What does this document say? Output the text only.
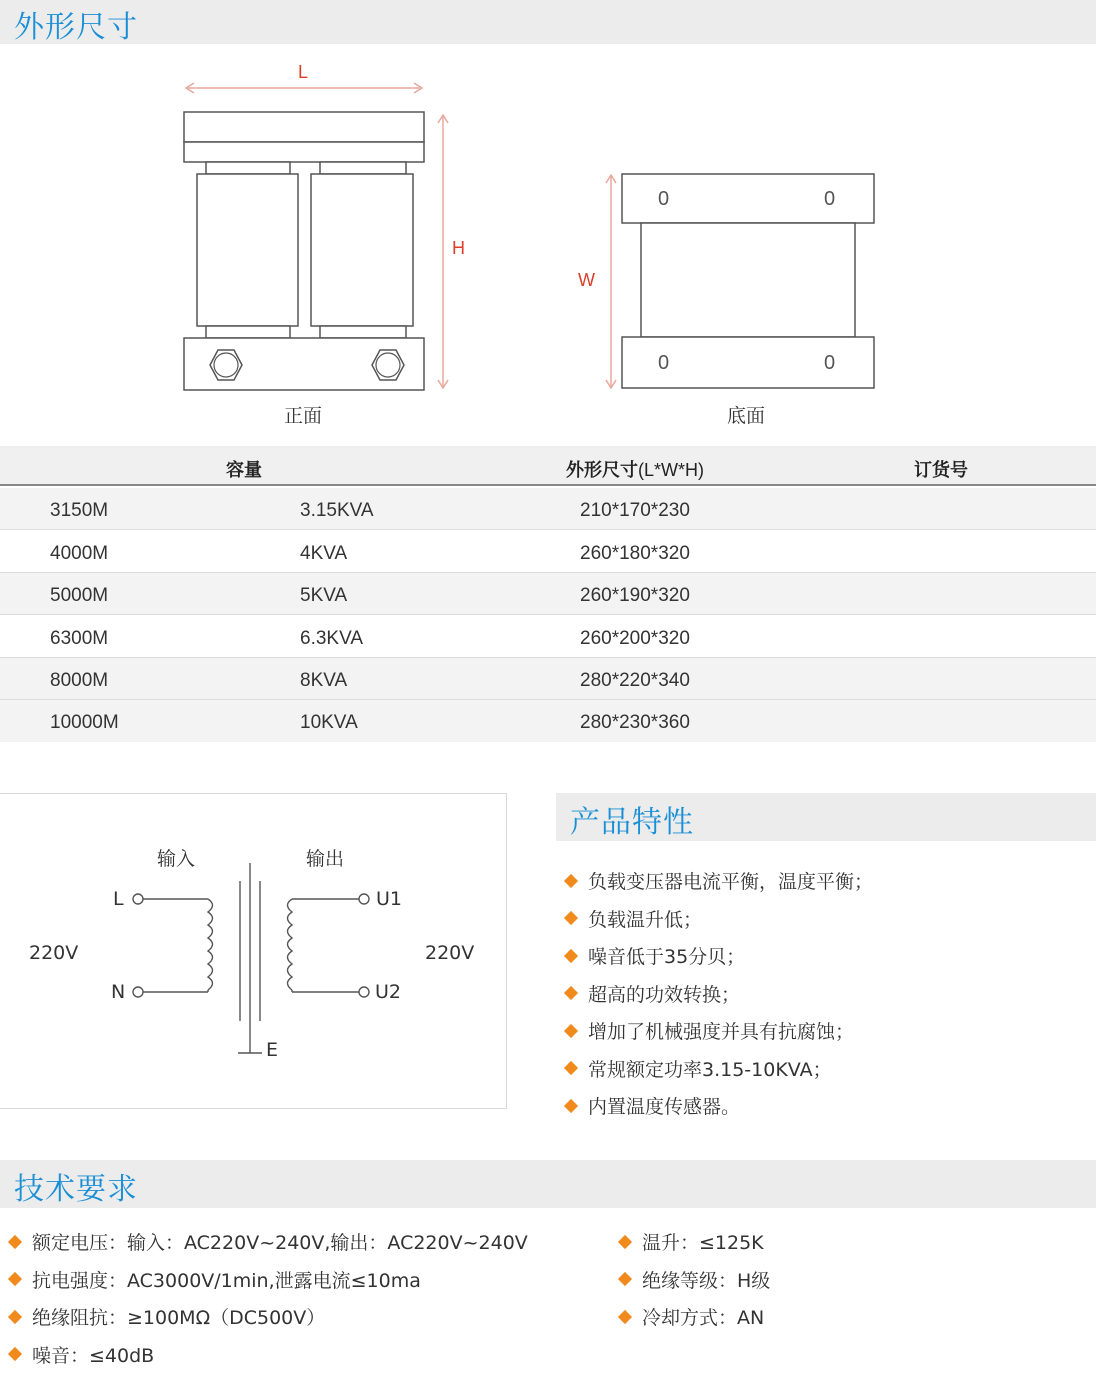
外形尺寸
L
H
正面
W
0	0
0	0
底面
容量	外形尺寸(L*W*H)	订货号
3150M	3.15KVA	210*170*230
4000M	4KVA	260*180*320
5000M	5KVA	260*190*320
6300M	6.3KVA	260*200*320
8000M	8KVA	280*220*340
10000M	10KVA	280*230*360
输入	输出
L
N
U1
U2
E
220V	220V
产品特性
负载变压器电流平衡，温度平衡；
负载温升低；
噪音低于35分贝；
超高的功效转换；
增加了机械强度并具有抗腐蚀；
常规额定功率3.15-10KVA；
内置温度传感器。
技术要求
额定电压：输入：AC220V~240V,输出：AC220V~240V
抗电强度：AC3000V/1min,泄露电流≤10ma
绝缘阻抗：≥100MΩ（DC500V）
噪音：≤40dB
温升：≤125K
绝缘等级：H级
冷却方式：AN
